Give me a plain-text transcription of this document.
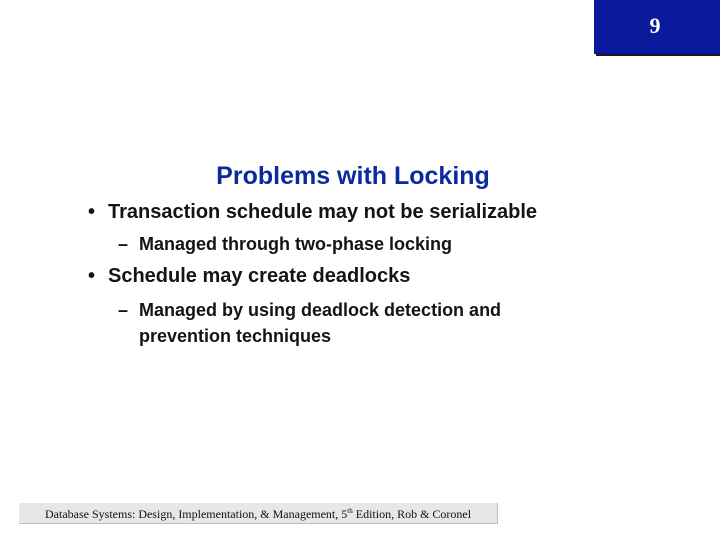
9
Problems with Locking
• Transaction schedule may not be serializable
– Managed through two-phase locking
• Schedule may create deadlocks
– Managed by using deadlock detection and
prevention techniques
Database Systems: Design, Implementation, & Management, 5th Edition, Rob & Coronel
